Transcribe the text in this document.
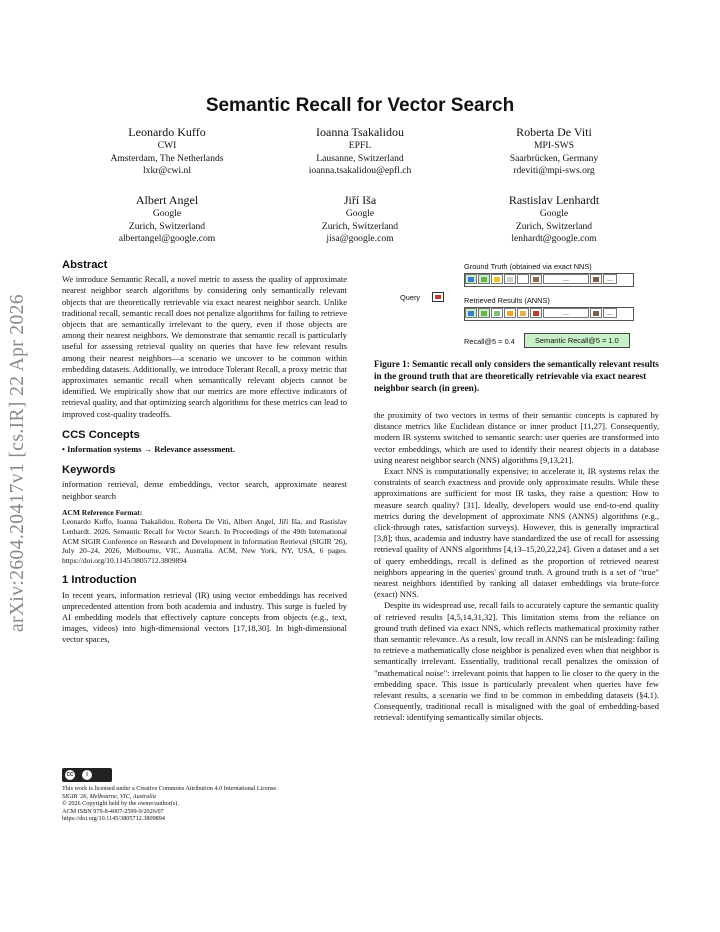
arXiv:2604.20417v1 [cs.IR] 22 Apr 2026
Semantic Recall for Vector Search
Leonardo Kuffo
CWI
Amsterdam, The Netherlands
lxkr@cwi.nl
Ioanna Tsakalidou
EPFL
Lausanne, Switzerland
ioanna.tsakalidou@epfl.ch
Roberta De Viti
MPI-SWS
Saarbrücken, Germany
rdeviti@mpi-sws.org
Albert Angel
Google
Zurich, Switzerland
albertangel@google.com
Jiří Iša
Google
Zurich, Switzerland
jisa@google.com
Rastislav Lenhardt
Google
Zurich, Switzerland
lenhardt@google.com
Abstract
We introduce Semantic Recall, a novel metric to assess the quality of approximate nearest neighbor search algorithms by considering only semantically relevant objects that are theoretically retrievable via exact nearest neighbor search. Unlike traditional recall, semantic recall does not penalize algorithms for failing to retrieve objects that are semantically irrelevant to the query, even if those objects are among their nearest neighbors. We demonstrate that semantic recall is particularly useful for assessing retrieval quality on queries that have few relevant results among their nearest neighbors—a scenario we uncover to be common within embedding datasets. Additionally, we introduce Tolerant Recall, a proxy metric that approximates semantic recall when semantically relevant objects cannot be identified. We empirically show that our metrics are more effective indicators of retrieval quality, and that optimizing search algorithms for these metrics can lead to improved cost-quality tradeoffs.
CCS Concepts
• Information systems → Relevance assessment.
Keywords
information retrieval, dense embeddings, vector search, approximate nearest neighbor search
ACM Reference Format:
Leonardo Kuffo, Ioanna Tsakalidou, Roberta De Viti, Albert Angel, Jiří Iša, and Rastislav Lenhardt. 2026. Semantic Recall for Vector Search. In Proceedings of the 49th International ACM SIGIR Conference on Research and Development in Information Retrieval (SIGIR '26), July 20–24, 2026, Melbourne, VIC, Australia. ACM, New York, NY, USA, 6 pages. https://doi.org/10.1145/3805712.3809894
1 Introduction
In recent years, information retrieval (IR) using vector embeddings has received unprecedented attention from both academia and industry. This surge is fueled by AI embedding models that effectively capture concepts from objects (e.g., text, images, videos) into high-dimensional vectors [17,18,30]. In high-dimensional vector spaces,
cc	i
This work is licensed under a Creative Commons Attribution 4.0 International License.
SIGIR '26, Melbourne, VIC, Australia
© 2026 Copyright held by the owner/author(s).
ACM ISBN 979-8-4007-2599-9/2026/07
https://doi.org/10.1145/3805712.3809894
Ground Truth (obtained via exact NNS)
...	...
Query	Retrieved Results (ANNS)
...	...
Recall@5 = 0.4	Semantic Recall@5 = 1.0
Figure 1: Semantic recall only considers the semantically relevant results in the ground truth that are theoretically retrievable via exact nearest neighbor search (in green).
the proximity of two vectors in terms of their semantic concepts is captured by distance metrics like Euclidean distance or inner product [11,27]. Consequently, modern IR systems switched to semantic search: user queries are transformed into vector embeddings, which are used to identify their nearest objects in a database using nearest neighbor search (NNS) algorithms [9,13,21].
Exact NNS is computationally expensive; to accelerate it, IR systems relax the constraints of search exactness and provide only approximate results. While these approximations are sufficient for most IR tasks, they raise a question: How to measure search quality? [31]. Ideally, developers would use end-to-end quality metrics during the development of approximate NNS (ANNS) algorithms (e.g., click-through rates, satisfaction surveys). However, this is generally impractical [3,8]; thus, academia and industry have standardized the use of recall for assessing retrieval quality of ANNS algorithms [4,13–15,20,22,24]. Given a dataset and a set of query embeddings, recall is defined as the proportion of retrieved nearest neighbors appearing in the queries' ground truth. A ground truth is a set of "true" nearest neighbors identified by ranking all dataset embeddings via brute-force (exact) NNS.
Despite its widespread use, recall fails to accurately capture the semantic quality of retrieved results [4,5,14,31,32]. This limitation stems from the reliance on ground truth defined via exact NNS, which reflects mathematical proximity rather than semantic relevance. As a result, low recall in ANNS can be misleading: failing to retrieve a mathematically close neighbor is penalized even when that neighbor is semantically irrelevant. Essentially, traditional recall penalizes the omission of "mathematical noise": irrelevant points that happen to lie closer to the query in the embedding space. This issue is particularly prevalent when queries have few relevant results, a scenario we find to be common in embedding datasets (§4.1). Consequently, traditional recall is misaligned with the goal of embedding-based retrieval: identifying semantically similar objects.
